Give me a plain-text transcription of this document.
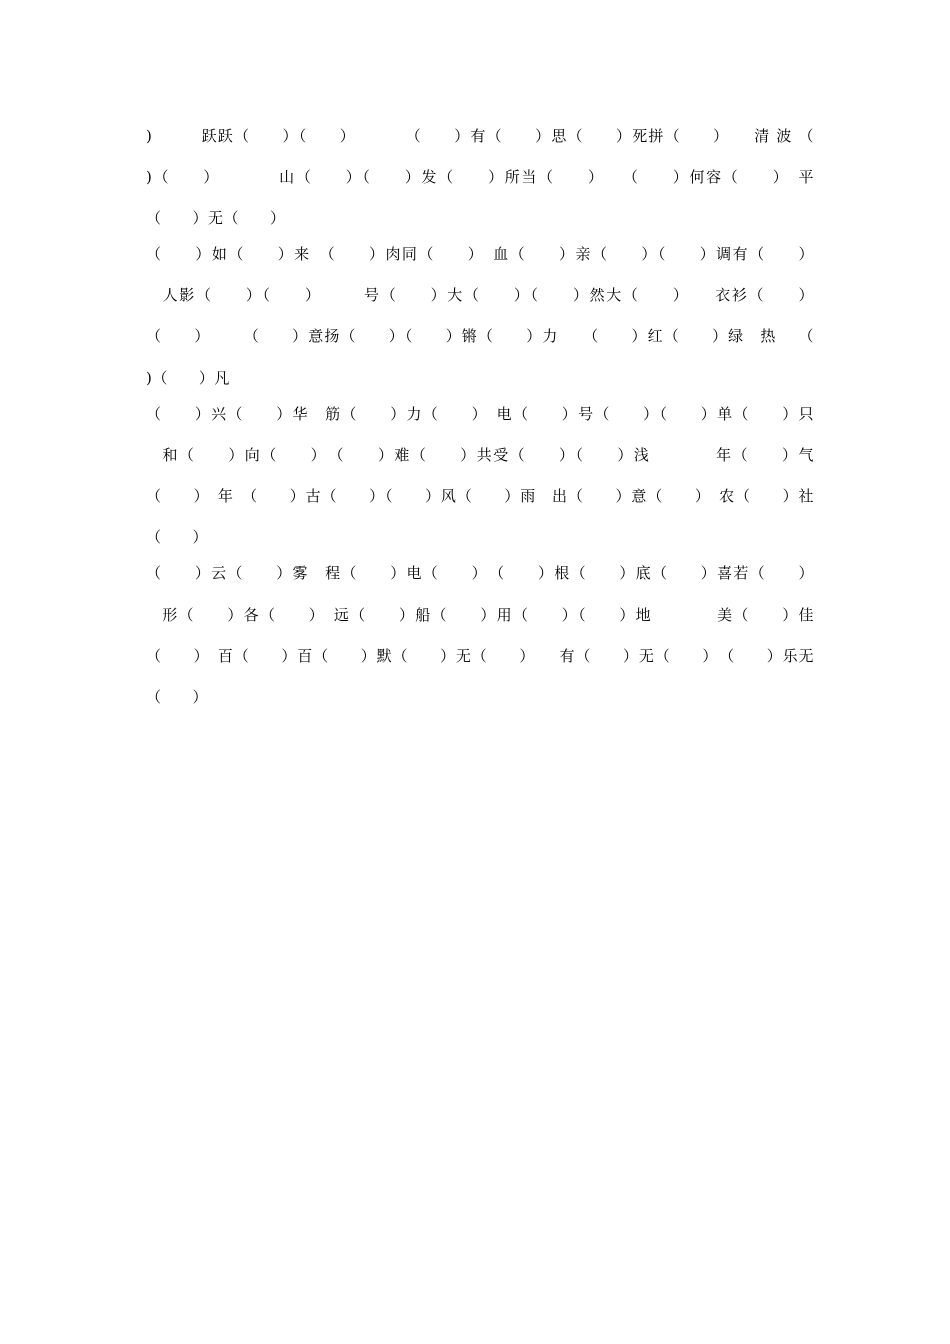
)　　　跃跃（　　）（　　）　　　　（　　）有（　　）思（　　）死拼（　　）　　清 波 （
)（　　）　　　　山（　　）（　　）发（　　）所当（　　）　　（　　）何容（　　）　平
（　　）无（　　）
（　　）如（　　）来　（　　）肉同（　　）　血（　　）亲（　　）（　　）调有（　　）
　人影（　　）（　　）　　　号（　　）大（　　）（　　）然大（　　）　　衣衫（　　）
（　　）　　　（　　）意扬（　　）（　　）锵（　　）力　　（　　）红（　　）绿　热　 （
)（　　）凡
（　　）兴（　　）华　筋（　　）力（　　）　电（　　）号（　　）（　　）单（　　）只
　和（　　）向（　　）　（　　）难（　　）共受（　　）（　　）浅　　　　年（　　）气
（　　）　年　（　　）古（　　）（　　）风（　　）雨　出（　　）意（　　）　农（　　）社
（　　）
（　　）云（　　）雾　程（　　）电（　　）　（　　）根（　　）底（　　）喜若（　　）
　形（　　）各（　　）　远（　　）船（　　）用（　　）（　　）地　　　　美（　　）佳
（　　）　百（　　）百（　　）默（　　）无（　　）　　有（　　）无（　　）　（　　）乐无
（　　）
